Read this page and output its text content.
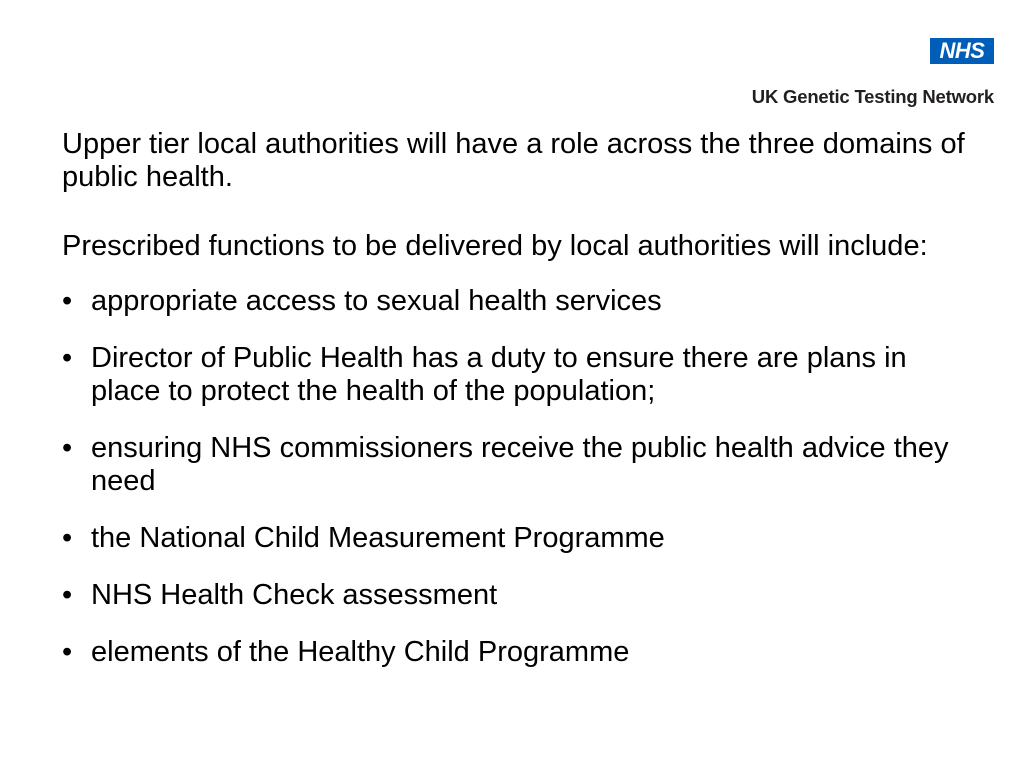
NHS
UK Genetic Testing Network

Upper tier local authorities will have a role across the three domains of public health.

Prescribed functions to be delivered by local authorities will include:

• appropriate access to sexual health services
• Director of Public Health has a duty to ensure there are plans in place to protect the health of the population;
• ensuring NHS commissioners receive the public health advice they need
• the National Child Measurement Programme
• NHS Health Check assessment
• elements of the Healthy Child Programme
